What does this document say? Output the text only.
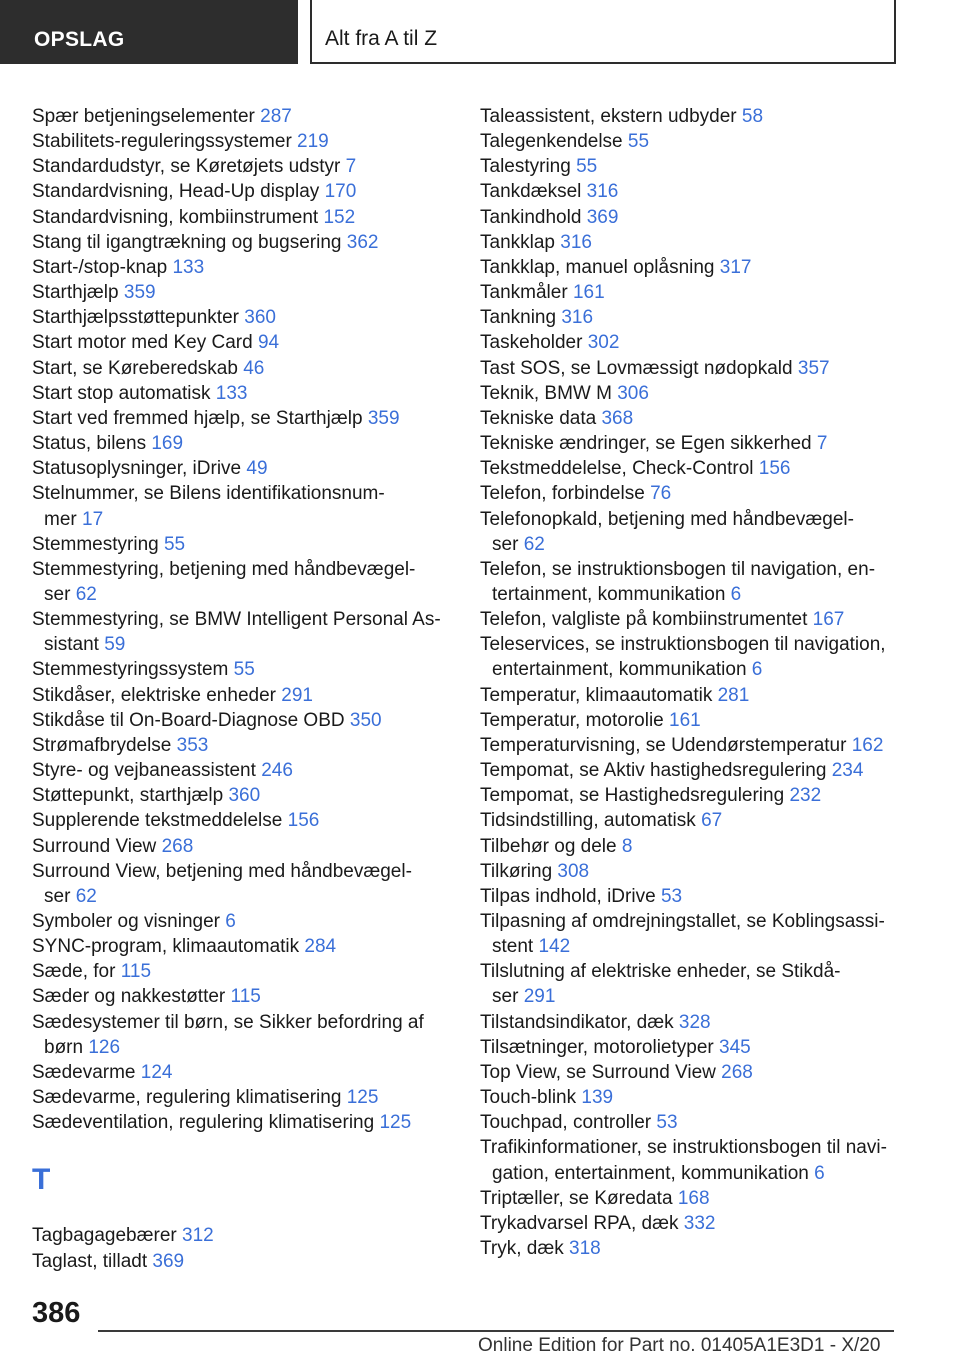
OPSLAG	Alt fra A til Z
Spær betjeningselementer 287
Stabilitets-reguleringssystemer 219
Standardudstyr, se Køretøjets udstyr 7
Standardvisning, Head-Up display 170
Standardvisning, kombiinstrument 152
Stang til igangtrækning og bugsering 362
Start-/stop-knap 133
Starthjælp 359
Starthjælpsstøttepunkter 360
Start motor med Key Card 94
Start, se Køreberedskab 46
Start stop automatisk 133
Start ved fremmed hjælp, se Starthjælp 359
Status, bilens 169
Statusoplysninger, iDrive 49
Stelnummer, se Bilens identifikationsnum-
mer 17
Stemmestyring 55
Stemmestyring, betjening med håndbevægel-
ser 62
Stemmestyring, se BMW Intelligent Personal As-
sistant 59
Stemmestyringssystem 55
Stikdåser, elektriske enheder 291
Stikdåse til On-Board-Diagnose OBD 350
Strømafbrydelse 353
Styre- og vejbaneassistent 246
Støttepunkt, starthjælp 360
Supplerende tekstmeddelelse 156
Surround View 268
Surround View, betjening med håndbevægel-
ser 62
Symboler og visninger 6
SYNC-program, klimaautomatik 284
Sæde, for 115
Sæder og nakkestøtter 115
Sædesystemer til børn, se Sikker befordring af
børn 126
Sædevarme 124
Sædevarme, regulering klimatisering 125
Sædeventilation, regulering klimatisering 125
T
Tagbagagebærer 312
Taglast, tilladt 369
Taleassistent, ekstern udbyder 58
Talegenkendelse 55
Talestyring 55
Tankdæksel 316
Tankindhold 369
Tankklap 316
Tankklap, manuel oplåsning 317
Tankmåler 161
Tankning 316
Taskeholder 302
Tast SOS, se Lovmæssigt nødopkald 357
Teknik, BMW M 306
Tekniske data 368
Tekniske ændringer, se Egen sikkerhed 7
Tekstmeddelelse, Check-Control 156
Telefon, forbindelse 76
Telefonopkald, betjening med håndbevægel-
ser 62
Telefon, se instruktionsbogen til navigation, en-
tertainment, kommunikation 6
Telefon, valgliste på kombiinstrumentet 167
Teleservices, se instruktionsbogen til navigation,
entertainment, kommunikation 6
Temperatur, klimaautomatik 281
Temperatur, motorolie 161
Temperaturvisning, se Udendørstemperatur 162
Tempomat, se Aktiv hastighedsregulering 234
Tempomat, se Hastighedsregulering 232
Tidsindstilling, automatisk 67
Tilbehør og dele 8
Tilkøring 308
Tilpas indhold, iDrive 53
Tilpasning af omdrejningstallet, se Koblingsassi-
stent 142
Tilslutning af elektriske enheder, se Stikdå-
ser 291
Tilstandsindikator, dæk 328
Tilsætninger, motorolietyper 345
Top View, se Surround View 268
Touch-blink 139
Touchpad, controller 53
Trafikinformationer, se instruktionsbogen til navi-
gation, entertainment, kommunikation 6
Triptæller, se Køredata 168
Trykadvarsel RPA, dæk 332
Tryk, dæk 318
386
Online Edition for Part no. 01405A1E3D1 - X/20
